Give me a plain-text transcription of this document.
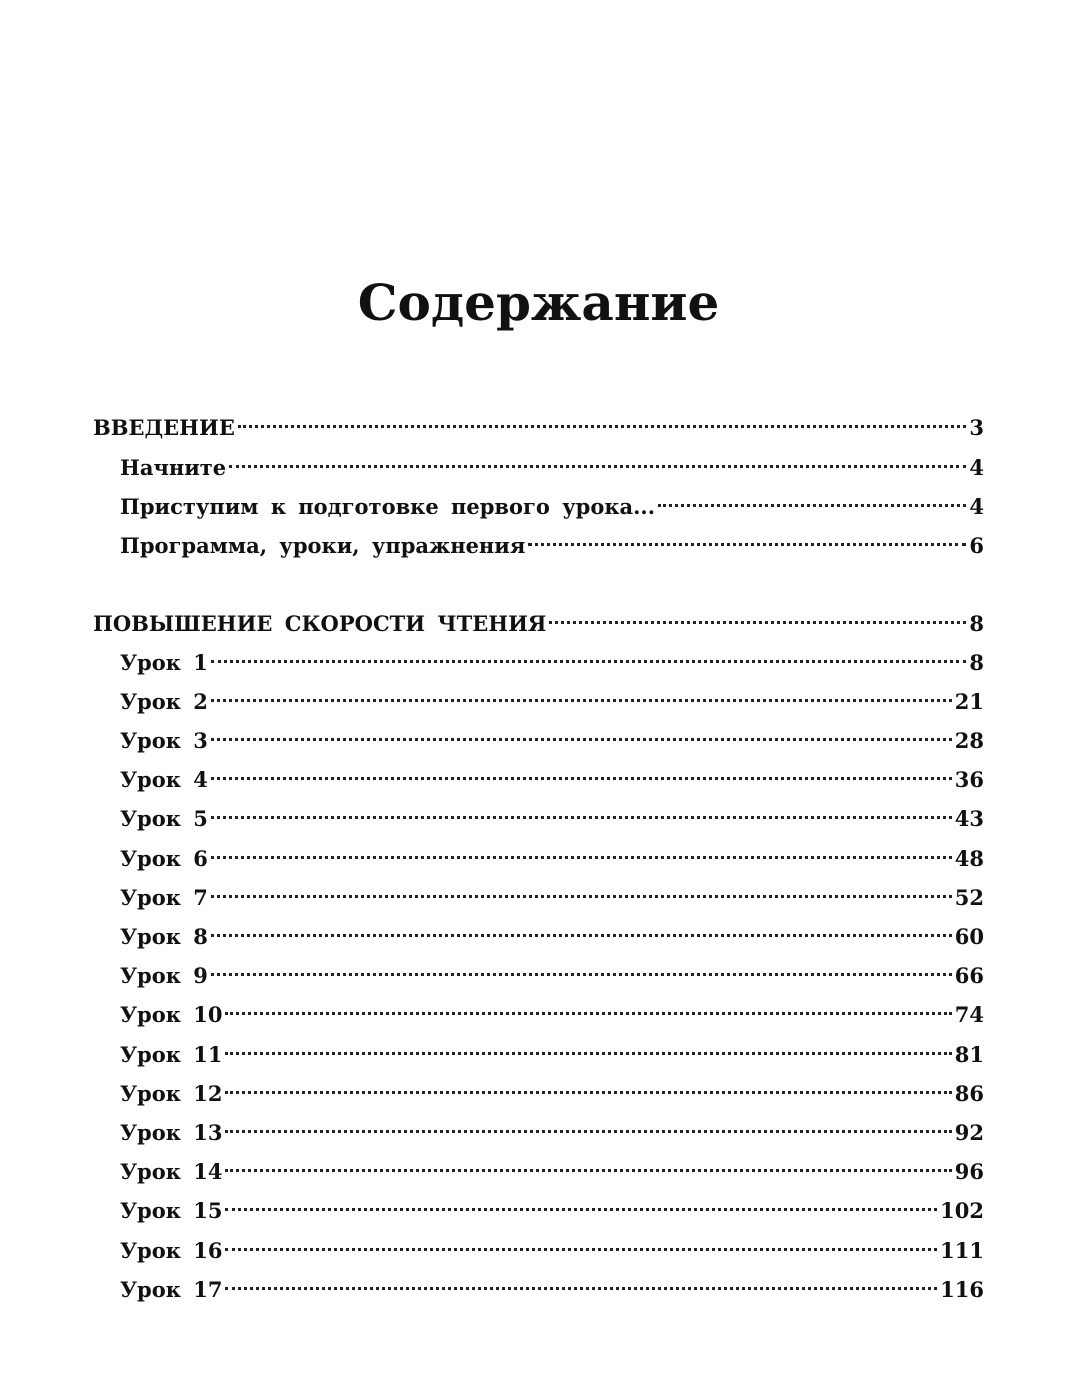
Содержание
ВВЕДЕНИЕ	3
Начните	4
Приступим к подготовке первого урока...	4
Программа, уроки, упражнения	6
ПОВЫШЕНИЕ СКОРОСТИ ЧТЕНИЯ	8
Урок 1	8
Урок 2	21
Урок 3	28
Урок 4	36
Урок 5	43
Урок 6	48
Урок 7	52
Урок 8	60
Урок 9	66
Урок 10	74
Урок 11	81
Урок 12	86
Урок 13	92
Урок 14	96
Урок 15	102
Урок 16	111
Урок 17	116
